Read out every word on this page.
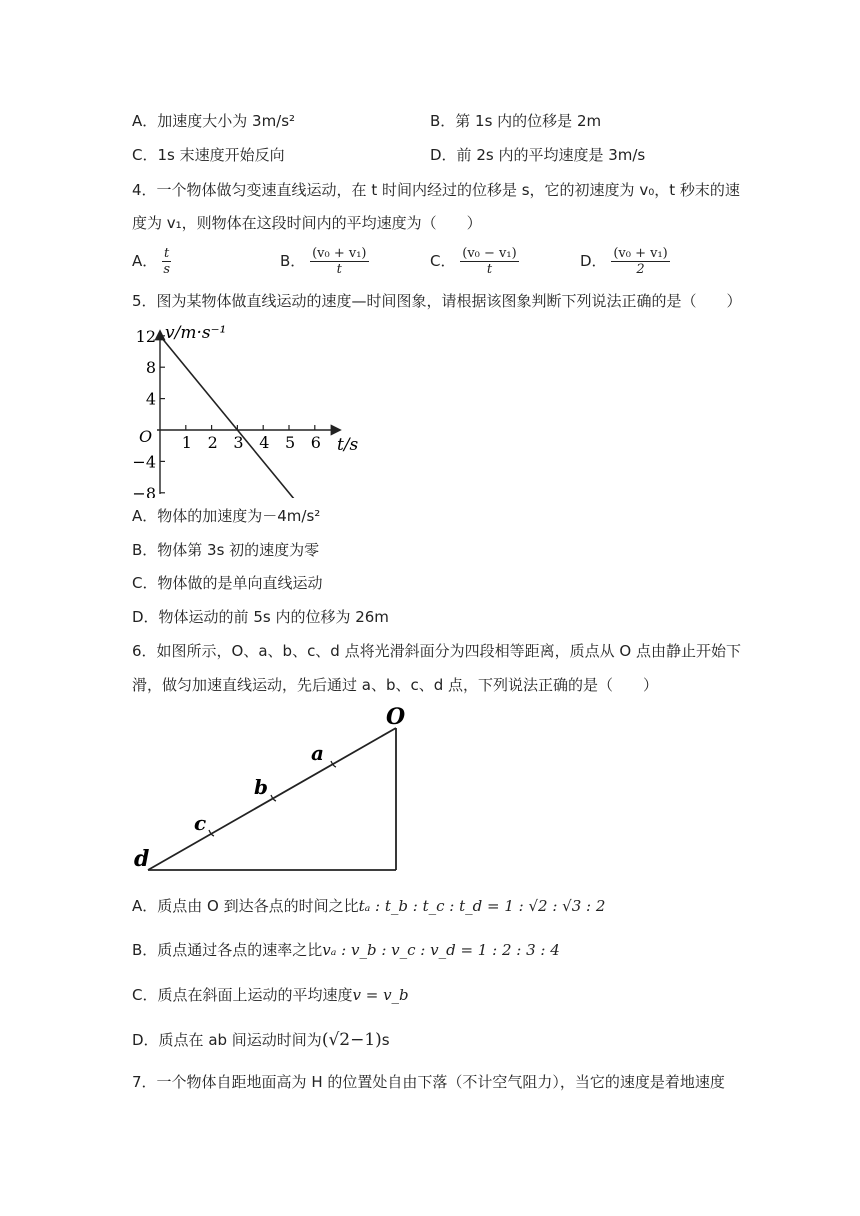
A．加速度大小为 3m/s²	B．第 1s 内的位移是 2m
C．1s 末速度开始反向	D．前 2s 内的平均速度是 3m/s
4．一个物体做匀变速直线运动，在 t 时间内经过的位移是 s，它的初速度为 v₀，t 秒末的速
度为 v₁，则物体在这段时间内的平均速度为（　　）
A． $\frac{t}{s}$	B． $\frac{\text{(v₀ + v₁)}}{t}$	C． $\frac{\text{(v₀ − v₁)}}{t}$	D． $\frac{\text{(v₀ + v₁)}}{2}$
5．图为某物体做直线运动的速度—时间图象，请根据该图象判断下列说法正确的是（　　）
1 2 3 4 5 6
12
8
4
−4
−8
v/m·s⁻¹
t/s
O
A．物体的加速度为－4m/s²
B．物体第 3s 初的速度为零
C．物体做的是单向直线运动
D．物体运动的前 5s 内的位移为 26m
6．如图所示，O、a、b、c、d 点将光滑斜面分为四段相等距离，质点从 O 点由静止开始下
滑，做匀加速直线运动，先后通过 a、b、c、d 点，下列说法正确的是（　　）
O
a
b
c
d
A．质点由 O 到达各点的时间之比tₐ : t_b : t_c : t_d = 1 : √2 : √3 : 2
B．质点通过各点的速率之比vₐ : v_b : v_c : v_d = 1 : 2 : 3 : 4
C．质点在斜面上运动的平均速度v = v_b
D．质点在 ab 间运动时间为(√2−1)s
7．一个物体自距地面高为 H 的位置处自由下落（不计空气阻力），当它的速度是着地速度
